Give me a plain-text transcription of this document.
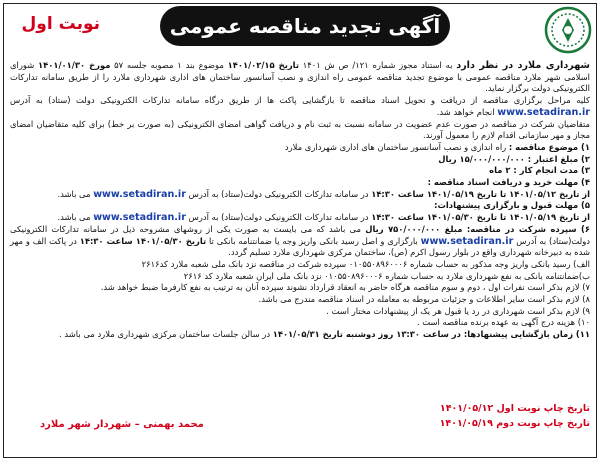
نوبت اول	آگهی تجدید مناقصه عمومی

شهرداری ملارد در نظر دارد به استناد مجوز شماره ۱۲۱/ ص ش ۱۴۰۱ تاریخ ۱۴۰۱/۰۲/۱۵ موضوع بند ۱ مصوبه جلسه ۵۷ مورخ ۱۴۰۱/۰۱/۳۰ شورای اسلامی شهر ملارد مناقصه عمومی با موضوع تجدید مناقصه عمومی راه اندازی و نصب آسانسور ساختمان های اداری شهرداری ملارد را از طریق سامانه تدارکات الکترونیکی دولت برگزار نماید.

کلیه مراحل برگزاری مناقصه از دریافت و تحویل اسناد مناقصه تا بازگشایی پاکت ها از طریق درگاه سامانه تدارکات الکترونیکی دولت (ستاد) به آدرس www.setadiran.ir انجام خواهد شد.

متقاضیان شرکت در مناقصه در صورت عدم عضویت در سامانه نسبت به ثبت نام و دریافت گواهی امضای الکترونیکی (به صورت بر خط) برای کلیه متقاضیان امضای مجاز و مهر سازمانی اقدام لازم را معمول آورند.

۱) موضوع مناقصه : راه اندازی و نصب آسانسور ساختمان های اداری شهرداری ملارد

۲) مبلغ اعتبار : ۱۵/۰۰۰/۰۰۰/۰۰۰ ریال

۳) مدت انجام کار : ۲ ماه

۴) مهلت خرید و دریافت اسناد مناقصه :

از تاریخ ۱۴۰۱/۰۵/۱۲ تا تاریخ ۱۴۰۱/۰۵/۱۹ ساعت ۱۴:۳۰ در سامانه تدارکات الکترونیکی دولت(ستاد) به آدرس www.setadiran.ir می باشد.

۵) مهلت قبول و بارگزاری پیشنهادات:

از تاریخ ۱۴۰۱/۰۵/۱۹ تا تاریخ ۱۴۰۱/۰۵/۳۰ ساعت ۱۴:۳۰ در سامانه تدارکات الکترونیکی دولت(ستاد) به آدرس www.setadiran.ir می باشد.

۶) سپرده شرکت در مناقصه: مبلغ ۷۵۰/۰۰۰/۰۰۰ ریال می باشد که می بایست به صورت یکی از روشهای مشروحه ذیل در سامانه تدارکات الکترونیکی دولت(ستاد) به آدرس www.setadiran.ir بارگزاری و اصل رسید بانکی واریز وجه یا ضمانتنامه بانکی تا تاریخ ۱۴۰۱/۰۵/۳۰ ساعت ۱۴:۳۰ در پاکت الف و مهر شده به دبیرخانه شهرداری واقع در بلوار رسول اکرم (ص)، ساختمان مرکزی شهرداری ملارد تسلیم گردد.

الف) رسید بانکی واریز وجه مذکور به حساب شماره ۰۱۰۵۵۰۸۹۶۰۰۰۶ سپرده شرکت در مناقصه نزد بانک ملی شعبه ملارد کد۲۶۱۶

ب)ضمانتنامه بانکی به نفع شهرداری ملارد به حساب شماره ۰۱۰۵۵۰۸۹۶۰۰۰۶ نزد بانک ملی ایران شعبه ملارد کد ۲۶۱۶

۷) لازم بذکر است نفرات اول ، دوم و سوم مناقصه هرگاه حاضر به انعقاد قرارداد نشوند سپرده آنان به ترتیب به نفع کارفرما ضبط خواهد شد.

۸) لازم بذکر است سایر اطلاعات و جزئیات مربوطه به معامله در اسناد مناقصه مندرج می باشد.

۹) لازم بذکر است شهرداری در رد یا قبول هر یک از پیشنهادات مختار است .

۱۰) هزینه درج آگهی به عهده برنده مناقصه است .

۱۱) زمان بازگشایی پیشنهادها: در ساعت ۱۳:۳۰ روز دوشنبه تاریخ ۱۴۰۱/۰۵/۳۱ در سالن جلسات ساختمان مرکزی شهرداری ملارد می باشد .

تاریخ چاپ نوبت اول ۱۴۰۱/۰۵/۱۲
تاریخ چاپ نوبت دوم ۱۴۰۱/۰۵/۱۹
محمد بهمنی – شهردار شهر ملارد
